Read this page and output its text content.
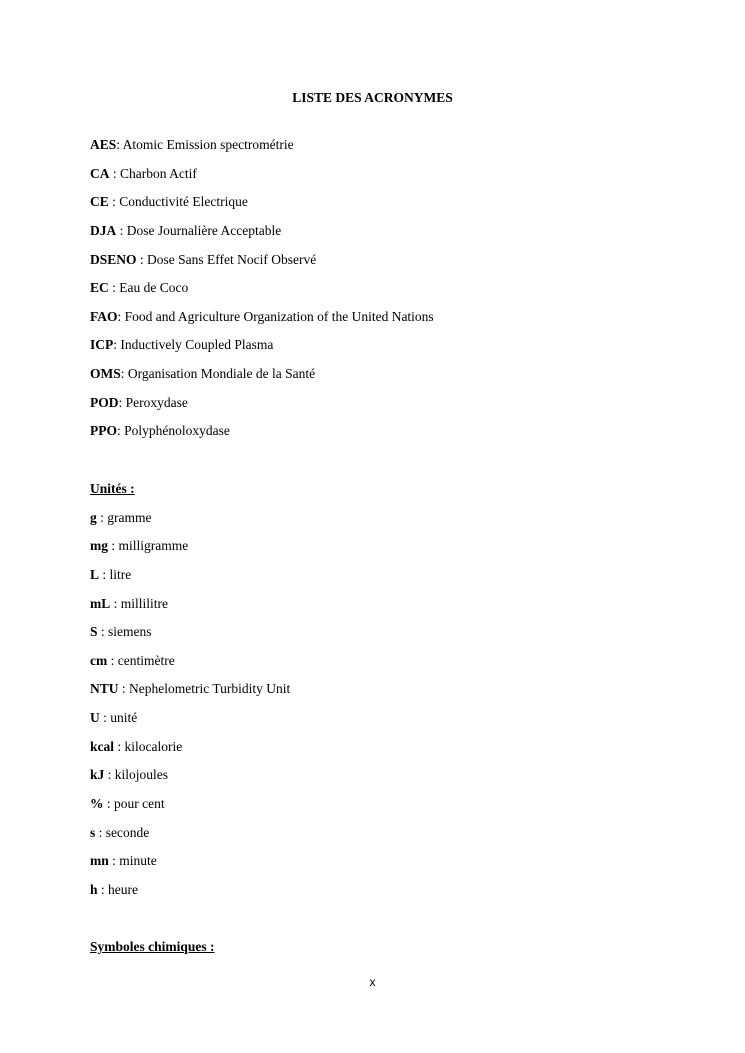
LISTE DES ACRONYMES
AES: Atomic Emission spectrométrie
CA : Charbon Actif
CE : Conductivité Electrique
DJA : Dose Journalière Acceptable
DSENO : Dose Sans Effet Nocif Observé
EC : Eau de Coco
FAO: Food and Agriculture Organization of the United Nations
ICP: Inductively Coupled Plasma
OMS: Organisation Mondiale de la Santé
POD: Peroxydase
PPO: Polyphénoloxydase
Unités :
g : gramme
mg : milligramme
L : litre
mL : millilitre
S : siemens
cm : centimètre
NTU : Nephelometric Turbidity Unit
U : unité
kcal : kilocalorie
kJ : kilojoules
% : pour cent
s : seconde
mn : minute
h : heure
Symboles chimiques :
x
